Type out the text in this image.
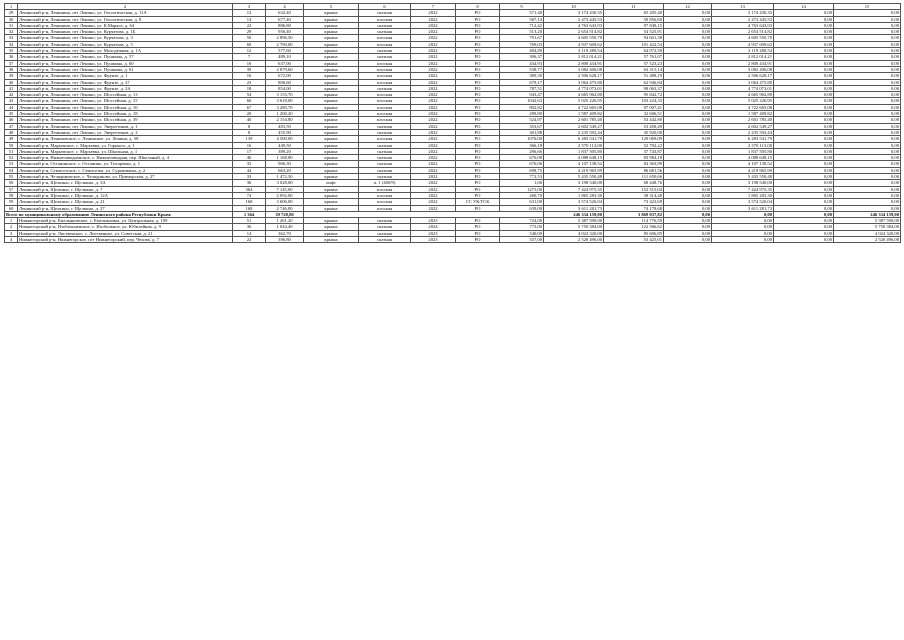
1	2	3	4	5	6	7	8	9	10	11	12	13	14	15
29	Ленинский р-н, Ленинино, пгт Ленино, ул. Геологическая, д. 11А	12	632,40	крыша	скатная	2022	РО	571,40	3 174 430,35	65 205,40	0,00	3 174 430,35	0,00	0,00
30	Ленинский р-н, Ленинино, пгт Ленино, ул. Геологическая, д. 8	14	677,40	крыша	плоская	2022	РО	587,14	2 473 445,53	50 856,60	0,00	2 473 445,53	0,00	0,00
31	Ленинский р-н, Ленинино, пгт Ленино, ул. К.Маркса, д. 64	22	886,80	крыша	скатная	2022	РО	712,42	4 763 643,93	97 849,15	0,00	4 763 643,93	0,00	0,00
32	Ленинский р-н, Ленинино, пгт Ленино, ул. Курчатова, д. 1Б	29	956,40	крыша	скатная	2022	РО	513,20	2 654 514,82	54 525,91	0,00	2 654 514,82	0,00	0,00
33	Ленинский р-н, Ленинино, пгт Ленино, ул. Курчатова, д. 3	50	2 896,50	крыша	плоская	2022	РО	791,67	4 605 550,70	94 601,38	0,00	4 605 550,70	0,00	0,00
34	Ленинский р-н, Ленинино, пгт Ленино, ул. Курчатова, д. 5	69	2 790,00	крыша	плоская	2022	РО	769,03	4 937 609,62	101 422,54	0,00	4 937 609,62	0,00	0,00
35	Ленинский р-н, Ленинино, пгт Ленино, ул. Молодежная, д. 1А	12	577,60	крыша	скатная	2022	РО	484,89	3 119 280,54	64 072,58	0,00	3 119 280,54	0,00	0,00
36	Ленинский р-н, Ленинино, пгт Ленино, ул. Пушкина, д. 57	7	489,10	крыша	скатная	2022	РО	396,37	2 812 014,21	57 761,07	0,00	2 812 014,21	0,00	0,00
37	Ленинский р-н, Ленинино, пгт Ленино, ул. Пушкина, д. 60	16	637,00	крыша	плоская	2022	РО	434,93	2 800 434,91	57 523,23	0,00	2 800 434,91	0,00	0,00
38	Ленинский р-н, Ленинино, пгт Ленино, ул. Пушкина, д. 61	39	2 879,60	крыша	плоская	2022	РО	538,77	3 082 406,08	63 315,14	0,00	3 082 406,08	0,00	0,00
39	Ленинский р-н, Ленинино, пгт Ленино, ул. Фрунзе, д. 1	16	672,00	крыша	плоская	2022	РО	389,30	2 506 628,17	51 488,19	0,00	2 506 628,17	0,00	0,00
40	Ленинский р-н, Ленинино, пгт Ленино, ул. Фрунзе, д. 27	23	806,60	крыша	плоская	2022	РО	679,17	3 064 475,80	62 946,84	0,00	3 064 475,80	0,00	0,00
41	Ленинский р-н, Ленинино, пгт Ленино, ул. Фрунзе, д. 2А	18	854,00	крыша	скатная	2022	РО	787,51	4 774 073,01	98 063,37	0,00	4 774 073,01	0,00	0,00
42	Ленинский р-н, Ленинино, пгт Ленино, ул. Шоссейная, д. 13	54	3 153,70	крыша	плоская	2022	РО	943,47	4 665 962,80	95 842,72	0,00	4 665 962,80	0,00	0,00
43	Ленинский р-н, Ленинино, пгт Ленино, ул. Шоссейная, д. 15	66	3 618,00	крыша	плоская	2022	РО	1042,63	5 025 226,95	103 224,33	0,00	5 025 226,95	0,00	0,00
44	Ленинский р-н, Ленинино, пгт Ленино, ул. Шоссейная, д. 16	67	3 280,70	крыша	плоская	2022	РО	802,82	4 722 665,08	97 007,41	0,00	4 722 665,08	0,00	0,00
45	Ленинский р-н, Ленинино, пгт Ленино, ул. Шоссейная, д. 18	20	1 200,20	крыша	плоская	2022	РО	289,80	1 587 409,82	32 606,51	0,00	1 587 409,82	0,00	0,00
46	Ленинский р-н, Ленинино, пгт Ленино, ул. Шоссейная, д. 39	40	2 154,80	крыша	плоская	2022	РО	524,97	2 601 785,40	53 442,80	0,00	2 601 785,40	0,00	0,00
47	Ленинский р-н, Ленинино, пгт Ленино, ул. Энергетиков, д. 1	8	483,50	крыша	скатная	2022	РО	353,67	2 602 549,27	53 458,49	0,00	2 602 549,27	0,00	0,00
48	Ленинский р-н, Ленинино, пгт Ленино, ул. Энергетиков, д. 2	8	455,90	крыша	скатная	2022	РО	301,88	2 235 592,44	45 920,00	0,00	2 235 592,44	0,00	0,00
49	Ленинский р-н, Лениновское, с. Ленинское, ул. Ленина, д. 58	139	4 500,00	крыша	плоская	2022	РО	1076,00	6 283 541,79	129 069,09	0,00	6 283 541,79	0,00	0,00
50	Ленинский р-н, Марьевское, с. Марьевка, ул. Горького, д. 1	16	449,50	крыша	скатная	2022	РО	366,18	2 570 113,00	52 792,22	0,00	2 570 113,00	0,00	0,00
51	Ленинский р-н, Марьевское, с. Марьевка, ул. Школьная, д. 1	17	389,20	крыша	скатная	2022	РО	296,66	1 837 505,80	37 743,87	0,00	1 837 505,80	0,00	0,00
52	Ленинский р-н, Нижнезаводненское, с. Нижнезаводная, пер. Школьный, д. 4	40	1 168,80	крыша	скатная	2022	РО	676,00	4 088 648,15	83 984,18	0,00	4 088 648,15	0,00	0,00
53	Ленинский р-н, Останинское, с. Останино, ул. Титаренко, д. 1	35	966,30	крыша	скатная	2022	РО	676,00	4 107 138,52	84 363,99	0,00	4 107 138,52	0,00	0,00
54	Ленинский р-н, Семисотское, с. Семисотка, ул. Суровикина, д. 2	44	663,20	крыша	скатная	2022	РО	698,75	4 219 965,99	86 681,56	0,00	4 219 965,99	0,00	0,00
55	Ленинский р-н, Челядиновское, с. Челядиново, ул. Приморская, д. 27	33	1 472,30	крыша	скатная	2022	РО	772,53	5 435 550,48	111 650,66	0,00	5 435 550,48	0,00	0,00
56	Ленинский р-н, Щелкино, г. Щелкино, д. 3А	36	3 028,00	лифт	п. 1 (400/9)	2022	РО	1,00	3 198 540,00	68 448,76	0,00	3 198 540,00	0,00	0,00
57	Ленинский р-н, Щелкино, г. Щелкино, д. 7	364	7 145,00	крыша	плоская	2022	РО	1275,00	7 424 975,35	152 515,04	0,00	7 424 975,35	0,00	0,00
58	Ленинский р-н, Щелкино, г. Щелкино, д. 12А	74	2 092,00	крыша	плоская	2022	РО	260,70	1 865 283,30	38 314,48	0,00	1 865 283,30	0,00	0,00
59	Ленинский р-н, Щелкино, г. Щелкино, д. 21	168	3 606,00	крыша	плоская	2022	СС УК/ГСК	631,00	3 574 526,04	73 423,69	0,00	3 574 526,04	0,00	0,00
60	Ленинский р-н, Щелкино, г. Щелкино, д. 27	168	2 746,00	крыша	плоская	2022	РО	639,00	3 611 281,73	74 178,68	0,00	3 611 281,73	0,00	0,00
Всего по муниципальному образованию Ленинского района Республики Крым:		1 364	39 720,80						246 334 159,00	3 869 037,82	0,00	0,00	0,00	246 334 159,00
1	Нижнегорский р-н, Емельяновское, с. Емельяновка, ул. Центральная, д. 109	51	1 261,20	крыша	скатная	2023	РО	724,00	5 387 590,00	114 776,59	0,00	0,00	0,00	5 387 590,00
2	Нижнегорский р-н, Изобильненское, с. Изобильное, ул. Юбилейная, д. 9	36	1 044,40	крыша	скатная	2024	РО	773,00	5 750 384,00	122 566,62	0,00	0,00	0,00	5 750 384,00
3	Нижнегорский р-н, Лиственское, с. Лиственное, ул. Советская, д. 21	14	362,70	крыша	скатная	2023	РО	540,00	4 024 320,00	85 606,85	0,00	0,00	0,00	4 024 320,00
4	Нижнегорский р-н, Нижнегорское, пгт Нижнегорский, пер. Чехова, д. 7	22	396,80	крыша	скатная	2023	РО	337,00	2 520 496,00	53 425,01	0,00	0,00	0,00	2 520 496,00
